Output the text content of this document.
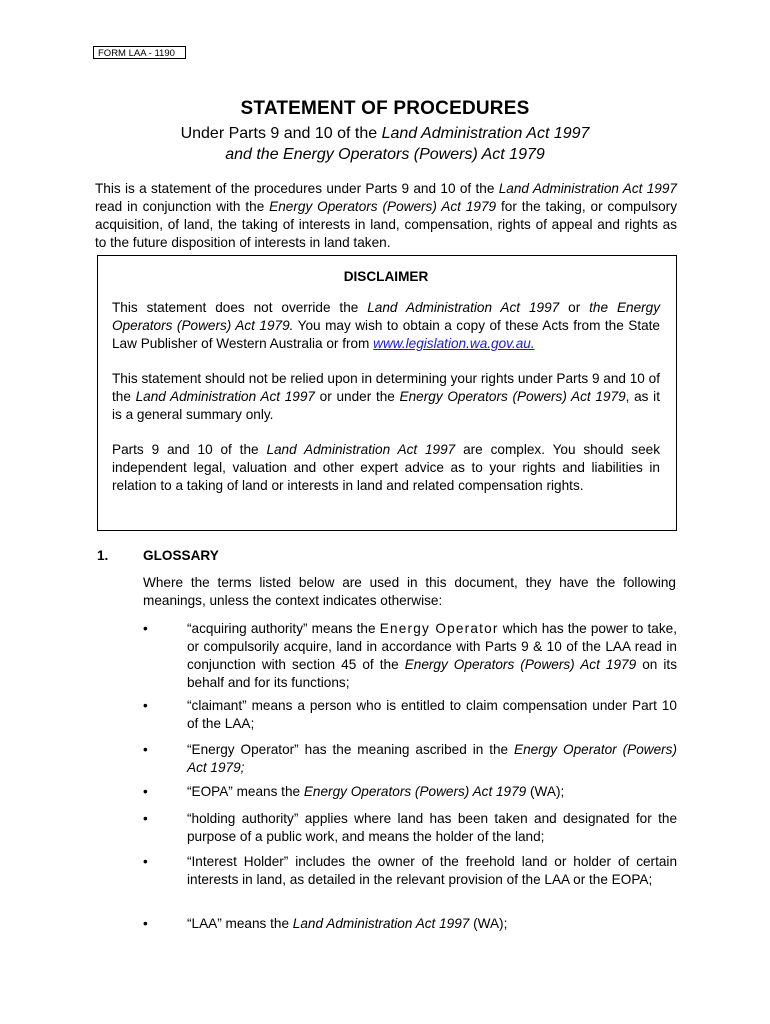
FORM LAA - 1190
STATEMENT OF PROCEDURES
Under Parts 9 and 10 of the Land Administration Act 1997
and the Energy Operators (Powers) Act 1979
This is a statement of the procedures under Parts 9 and 10 of the Land Administration Act 1997 read in conjunction with the Energy Operators (Powers) Act 1979 for the taking, or compulsory acquisition, of land, the taking of interests in land, compensation, rights of appeal and rights as to the future disposition of interests in land taken.
DISCLAIMER

This statement does not override the Land Administration Act 1997 or the Energy Operators (Powers) Act 1979. You may wish to obtain a copy of these Acts from the State Law Publisher of Western Australia or from www.legislation.wa.gov.au.

This statement should not be relied upon in determining your rights under Parts 9 and 10 of the Land Administration Act 1997 or under the Energy Operators (Powers) Act 1979, as it is a general summary only.

Parts 9 and 10 of the Land Administration Act 1997 are complex. You should seek independent legal, valuation and other expert advice as to your rights and liabilities in relation to a taking of land or interests in land and related compensation rights.

1.	GLOSSARY
Where the terms listed below are used in this document, they have the following meanings, unless the context indicates otherwise:
•	“acquiring authority” means the Energy Operator which has the power to take, or compulsorily acquire, land in accordance with Parts 9 & 10 of the LAA read in conjunction with section 45 of the Energy Operators (Powers) Act 1979 on its behalf and for its functions;
•	“claimant” means a person who is entitled to claim compensation under Part 10 of the LAA;
•	“Energy Operator” has the meaning ascribed in the Energy Operator (Powers) Act 1979;
•	“EOPA” means the Energy Operators (Powers) Act 1979 (WA);
•	“holding authority” applies where land has been taken and designated for the purpose of a public work, and means the holder of the land;
•	“Interest Holder” includes the owner of the freehold land or holder of certain interests in land, as detailed in the relevant provision of the LAA or the EOPA;
•	“LAA” means the Land Administration Act 1997 (WA);
